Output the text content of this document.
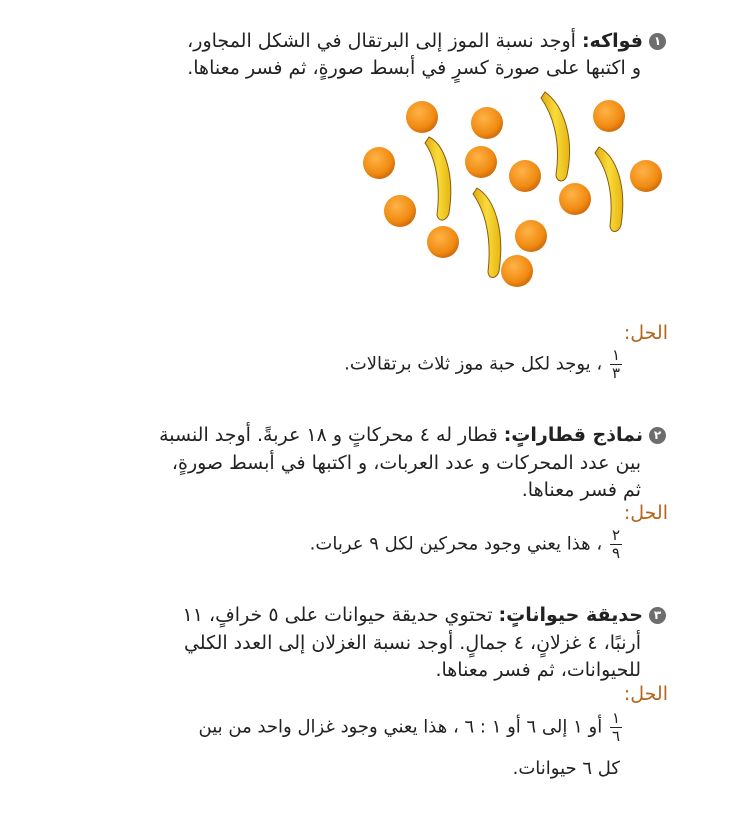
١فواكه: أوجد نسبة الموز إلى البرتقال في الشكل المجاور،
و اكتبها على صورة كسرٍ في أبسط صورةٍ، ثم فسر معناها.
الحل:
$\frac{١}{٣}$
، يوجد لكل حبة موز ثلاث برتقالات.
٢نماذج قطاراتٍ: قطار له ٤ محركاتٍ و ١٨ عربةً. أوجد النسبة
بين عدد المحركات و عدد العربات، و اكتبها في أبسط صورةٍ،
ثم فسر معناها.
الحل:
$\frac{٢}{٩}$
، هذا يعني وجود محركين لكل ٩ عربات.
٣حديقة حيواناتٍ: تحتوي حديقة حيوانات على ٥ خرافٍ، ١١
أرنبًا، ٤ غزلانٍ، ٤ جمالٍ. أوجد نسبة الغزلان إلى العدد الكلي
للحيوانات، ثم فسر معناها.
الحل:
$\frac{١}{٦}$
أو ١ إلى ٦ أو ١ : ٦ ، هذا يعني وجود غزال واحد من بين
كل ٦ حيوانات.
